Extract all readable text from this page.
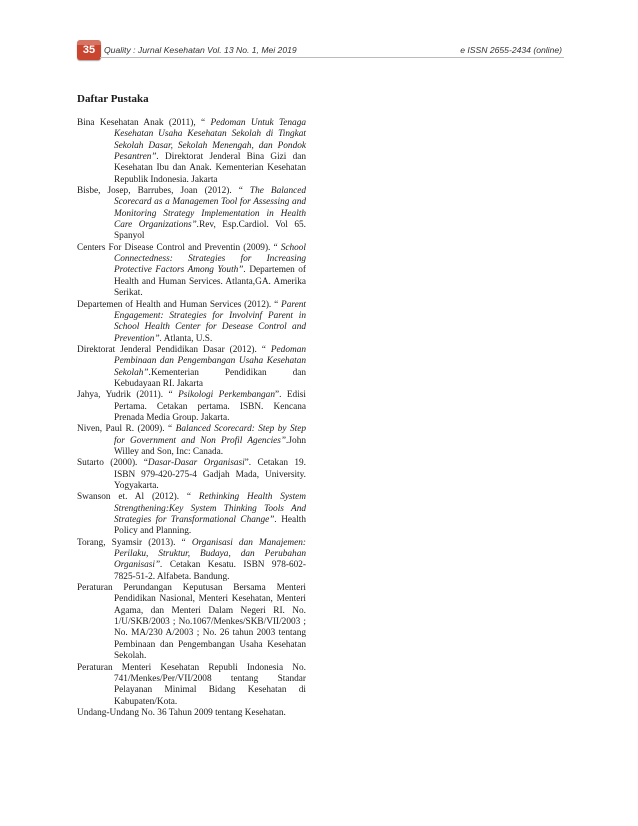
35	Quality : Jurnal Kesehatan Vol. 13 No. 1, Mei 2019	e ISSN 2655-2434 (online)
Daftar Pustaka
Bina Kesehatan Anak (2011), “ Pedoman Untuk Tenaga Kesehatan Usaha Kesehatan Sekolah di Tingkat Sekolah Dasar, Sekolah Menengah, dan Pondok Pesantren”. Direktorat Jenderal Bina Gizi dan Kesehatan Ibu dan Anak. Kementerian Kesehatan Republik Indonesia. Jakarta
Bisbe, Josep, Barrubes, Joan (2012). “ The Balanced Scorecard as a Managemen Tool for Assessing and Monitoring Strategy Implementation in Health Care Organizations”.Rev, Esp.Cardiol. Vol 65. Spanyol
Centers For Disease Control and Preventin (2009). “ School Connectedness: Strategies for Increasing Protective Factors Among Youth”. Departemen of Health and Human Services. Atlanta,GA. Amerika Serikat.
Departemen of Health and Human Services (2012). “ Parent Engagement: Strategies for Involvinf Parent in School Health Center for Desease Control and Prevention”. Atlanta, U.S.
Direktorat Jenderal Pendidikan Dasar (2012). “ Pedoman Pembinaan dan Pengembangan Usaha Kesehatan Sekolah”.Kementerian Pendidikan dan Kebudayaan RI. Jakarta
Jahya, Yudrik (2011). “ Psikologi Perkembangan”. Edisi Pertama. Cetakan pertama. ISBN. Kencana Prenada Media Group. Jakarta.
Niven, Paul R. (2009). “ Balanced Scorecard: Step by Step for Government and Non Profil Agencies”.John Willey and Son, Inc: Canada.
Sutarto (2000). “Dasar-Dasar Organisasi”. Cetakan 19. ISBN 979-420-275-4 Gadjah Mada, University. Yogyakarta.
Swanson et. Al (2012). “ Rethinking Health System Strengthening:Key System Thinking Tools And Strategies for Transformational Change”. Health Policy and Planning.
Torang, Syamsir (2013). “ Organisasi dan Manajemen: Perilaku, Struktur, Budaya, dan Perubahan Organisasi”. Cetakan Kesatu. ISBN 978-602-7825-51-2. Alfabeta. Bandung.
Peraturan Perundangan Keputusan Bersama Menteri Pendidikan Nasional, Menteri Kesehatan, Menteri Agama, dan Menteri Dalam Negeri RI. No. 1/U/SKB/2003 ; No.1067/Menkes/SKB/VII/2003 ; No. MA/230 A/2003 ; No. 26 tahun 2003 tentang Pembinaan dan Pengembangan Usaha Kesehatan Sekolah.
Peraturan Menteri Kesehatan Republi Indonesia No. 741/Menkes/Per/VII/2008 tentang Standar Pelayanan Minimal Bidang Kesehatan di Kabupaten/Kota.
Undang-Undang No. 36 Tahun 2009 tentang Kesehatan.
